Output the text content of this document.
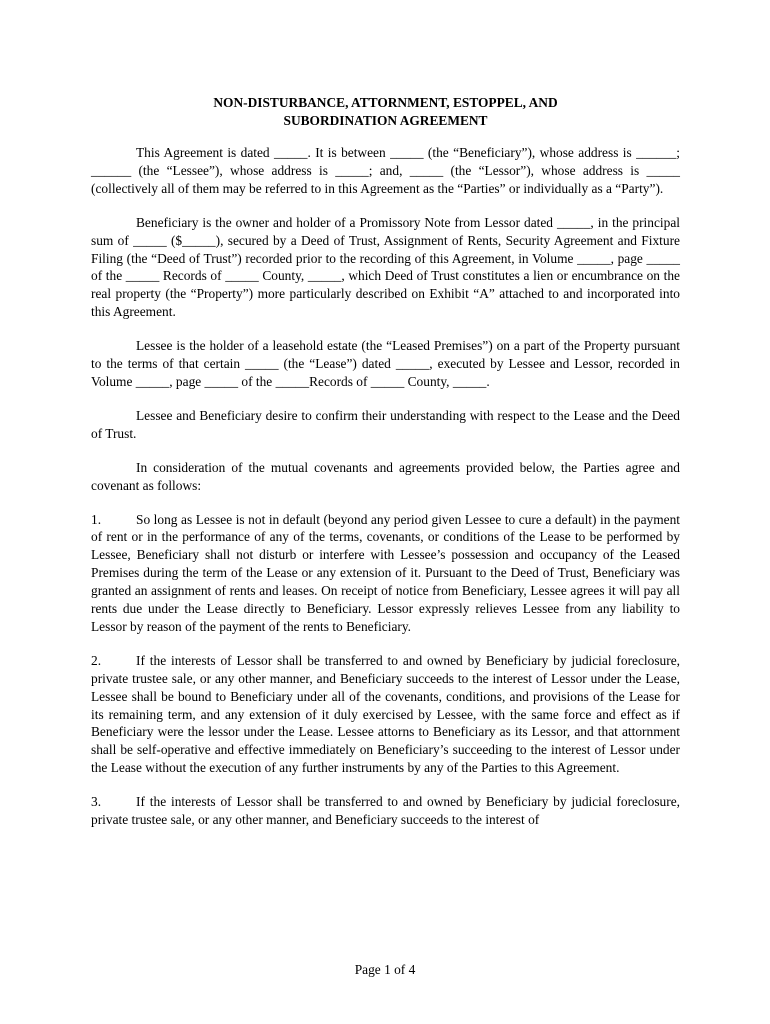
NON-DISTURBANCE, ATTORNMENT, ESTOPPEL, AND
SUBORDINATION AGREEMENT

This Agreement is dated _____. It is between _____ (the “Beneficiary”), whose address is ______; ______ (the “Lessee”), whose address is _____; and, _____ (the “Lessor”), whose address is _____ (collectively all of them may be referred to in this Agreement as the “Parties” or individually as a “Party”).

Beneficiary is the owner and holder of a Promissory Note from Lessor dated _____, in the principal sum of _____ ($_____), secured by a Deed of Trust, Assignment of Rents, Security Agreement and Fixture Filing (the “Deed of Trust”) recorded prior to the recording of this Agreement, in Volume _____, page _____ of the _____ Records of _____ County, _____, which Deed of Trust constitutes a lien or encumbrance on the real property (the “Property”) more particularly described on Exhibit “A” attached to and incorporated into this Agreement.

Lessee is the holder of a leasehold estate (the “Leased Premises”) on a part of the Property pursuant to the terms of that certain _____ (the “Lease”) dated _____, executed by Lessee and Lessor, recorded in Volume _____, page _____ of the _____Records of _____ County, _____.

Lessee and Beneficiary desire to confirm their understanding with respect to the Lease and the Deed of Trust.

In consideration of the mutual covenants and agreements provided below, the Parties agree and covenant as follows:

1.	So long as Lessee is not in default (beyond any period given Lessee to cure a default) in the payment of rent or in the performance of any of the terms, covenants, or conditions of the Lease to be performed by Lessee, Beneficiary shall not disturb or interfere with Lessee’s possession and occupancy of the Leased Premises during the term of the Lease or any extension of it. Pursuant to the Deed of Trust, Beneficiary was granted an assignment of rents and leases. On receipt of notice from Beneficiary, Lessee agrees it will pay all rents due under the Lease directly to Beneficiary. Lessor expressly relieves Lessee from any liability to Lessor by reason of the payment of the rents to Beneficiary.

2.	If the interests of Lessor shall be transferred to and owned by Beneficiary by judicial foreclosure, private trustee sale, or any other manner, and Beneficiary succeeds to the interest of Lessor under the Lease, Lessee shall be bound to Beneficiary under all of the covenants, conditions, and provisions of the Lease for its remaining term, and any extension of it duly exercised by Lessee, with the same force and effect as if Beneficiary were the lessor under the Lease. Lessee attorns to Beneficiary as its Lessor, and that attornment shall be self-operative and effective immediately on Beneficiary’s succeeding to the interest of Lessor under the Lease without the execution of any further instruments by any of the Parties to this Agreement.

3.	If the interests of Lessor shall be transferred to and owned by Beneficiary by judicial foreclosure, private trustee sale, or any other manner, and Beneficiary succeeds to the interest of

Page 1 of 4
